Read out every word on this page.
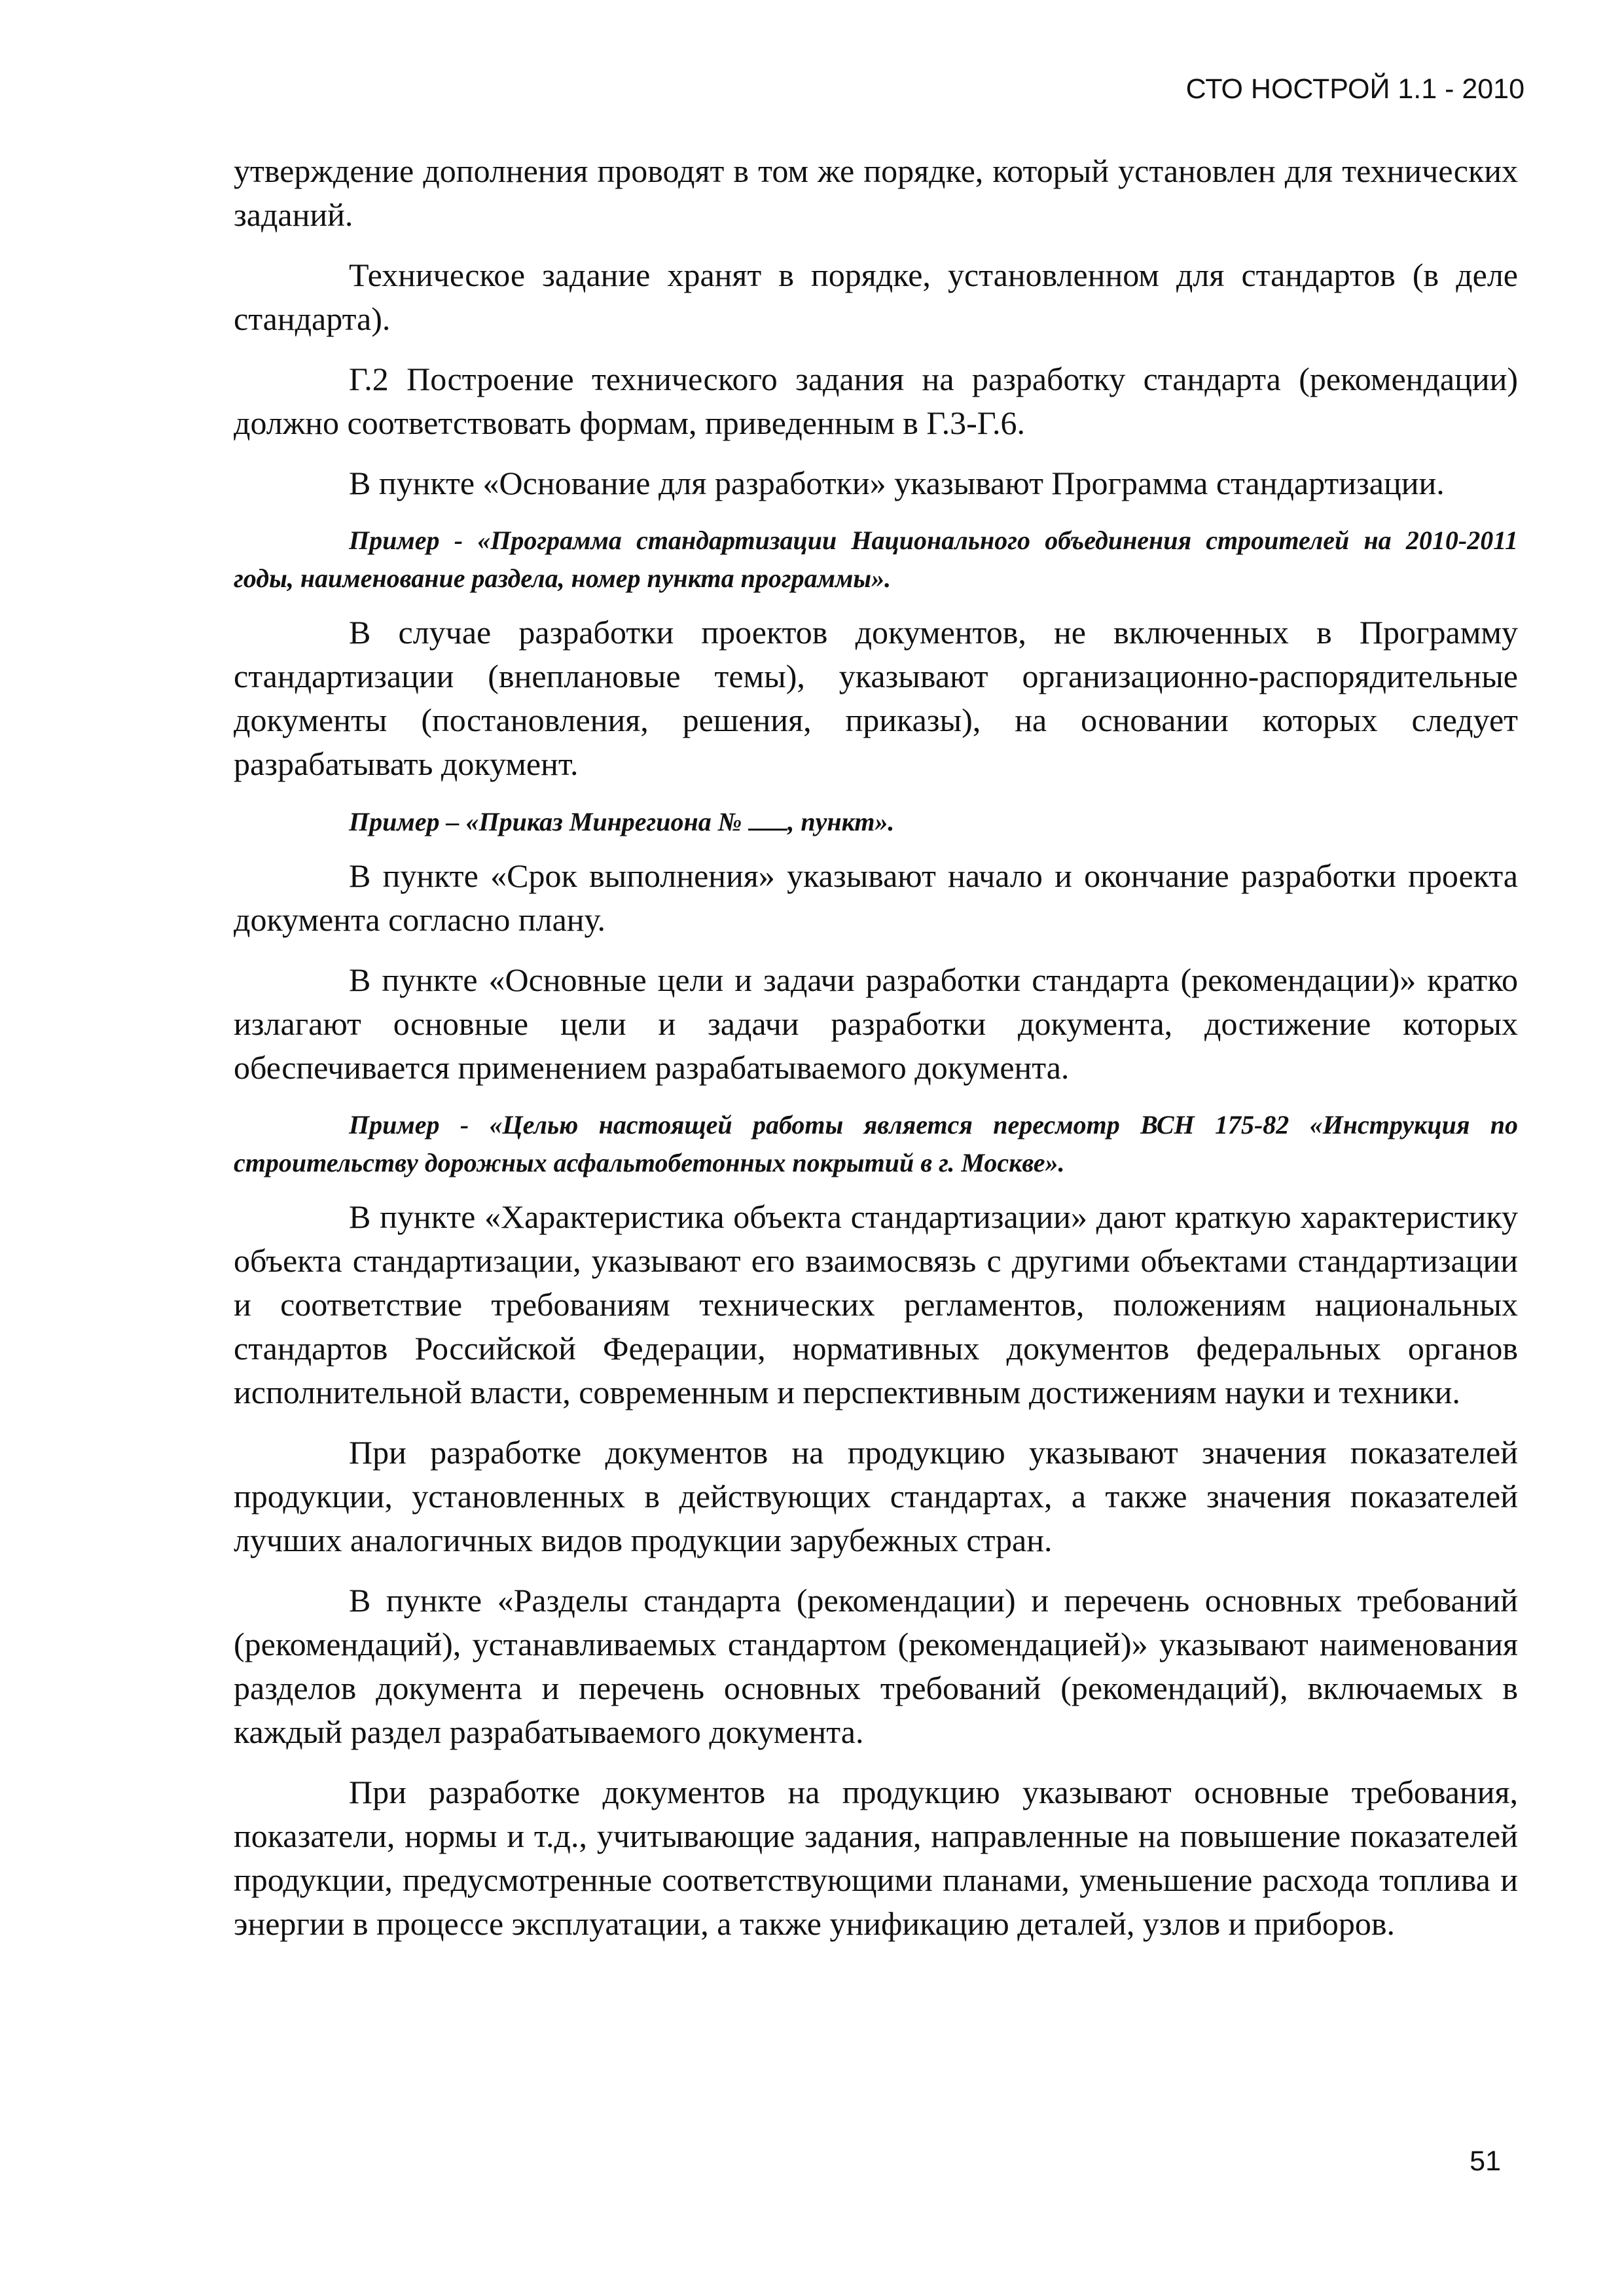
СТО НОСТРОЙ 1.1 - 2010

утверждение дополнения проводят в том же порядке, который установлен для технических заданий.

Техническое задание хранят в порядке, установленном для стандартов (в деле стандарта).

Г.2 Построение технического задания на разработку стандарта (рекомендации) должно соответствовать формам, приведенным в Г.3-Г.6.

В пункте «Основание для разработки» указывают Программа стандартизации.

Пример - «Программа стандартизации Национального объединения строителей на 2010-2011 годы, наименование раздела, номер пункта программы».

В случае разработки проектов документов, не включенных в Программу стандартизации (внеплановые темы), указывают организационно-распорядительные документы (постановления, решения, приказы), на основании которых следует разрабатывать документ.

Пример – «Приказ Минрегиона № , пункт».

В пункте «Срок выполнения» указывают начало и окончание разработки проекта документа согласно плану.

В пункте «Основные цели и задачи разработки стандарта (рекомендации)» кратко излагают основные цели и задачи разработки документа, достижение которых обеспечивается применением разрабатываемого документа.

Пример - «Целью настоящей работы является пересмотр ВСН 175-82 «Инструкция по строительству дорожных асфальтобетонных покрытий в г. Москве».

В пункте «Характеристика объекта стандартизации» дают краткую характеристику объекта стандартизации, указывают его взаимосвязь с другими объектами стандартизации и соответствие требованиям технических регламентов, положениям национальных стандартов Российской Федерации, нормативных документов федеральных органов исполнительной власти, современным и перспективным достижениям науки и техники.

При разработке документов на продукцию указывают значения показателей продукции, установленных в действующих стандартах, а также значения показателей лучших аналогичных видов продукции зарубежных стран.

В пункте «Разделы стандарта (рекомендации) и перечень основных требований (рекомендаций), устанавливаемых стандартом (рекомендацией)» указывают наименования разделов документа и перечень основных требований (рекомендаций), включаемых в каждый раздел разрабатываемого документа.

При разработке документов на продукцию указывают основные требования, показатели, нормы и т.д., учитывающие задания, направленные на повышение показателей продукции, предусмотренные соответствующими планами, уменьшение расхода топлива и энергии в процессе эксплуатации, а также унификацию деталей, узлов и приборов.

51
